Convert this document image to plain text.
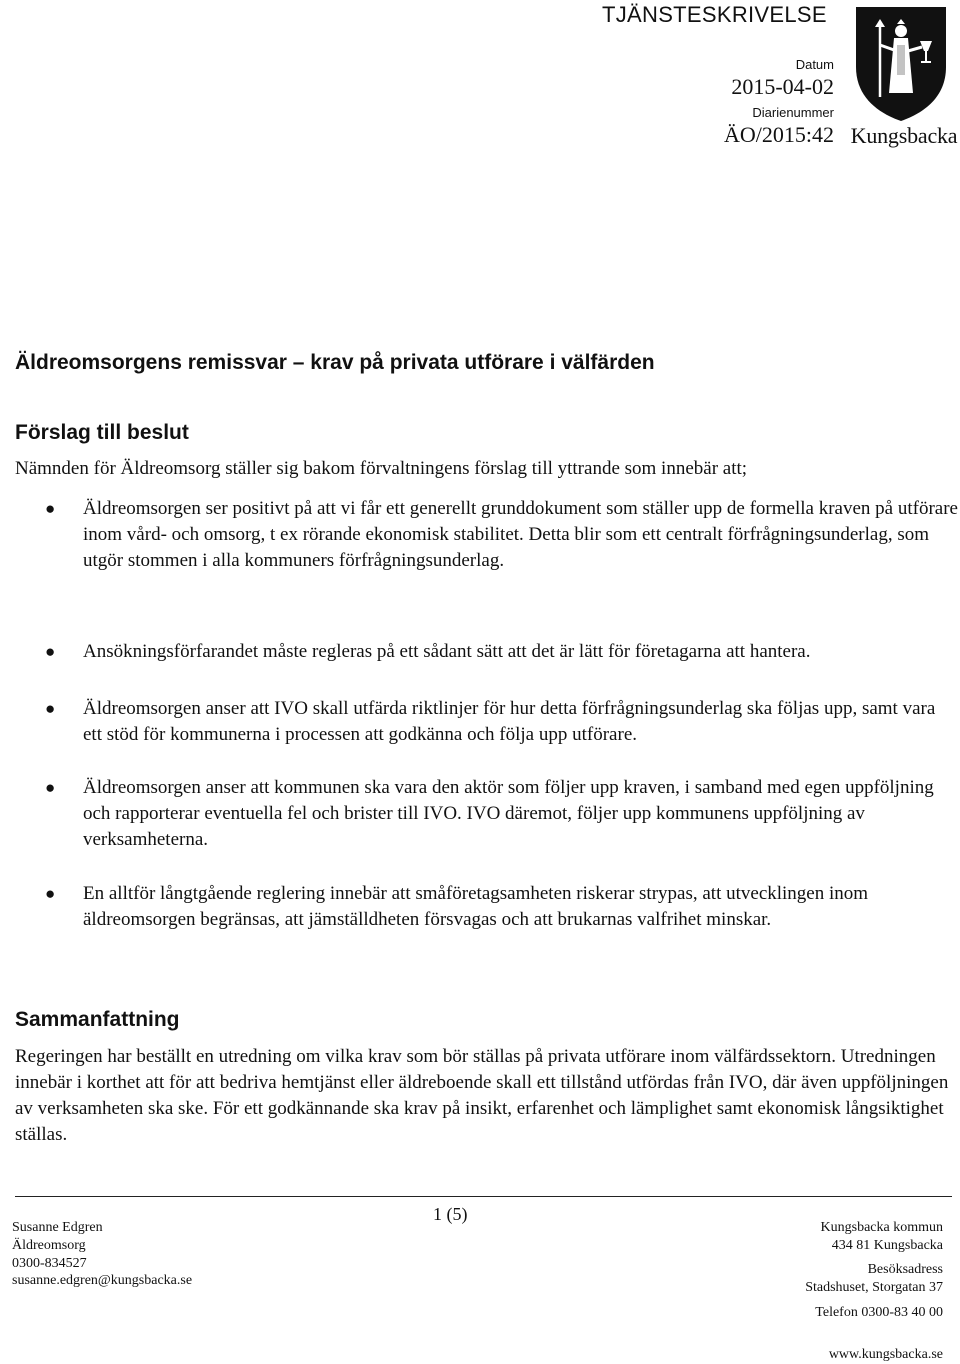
TJÄNSTESKRIVELSE
Datum
2015-04-02
Diarienummer
ÄO/2015:42 Kungsbacka
Äldreomsorgens remissvar – krav på privata utförare i välfärden
Förslag till beslut
Nämnden för Äldreomsorg ställer sig bakom förvaltningens förslag till yttrande som innebär att;
● Äldreomsorgen ser positivt på att vi får ett generellt grunddokument som ställer upp de formella kraven på utförare inom vård- och omsorg, t ex rörande ekonomisk stabilitet. Detta blir som ett centralt förfrågningsunderlag, som utgör stommen i alla kommuners förfrågningsunderlag.
● Ansökningsförfarandet måste regleras på ett sådant sätt att det är lätt för företagarna att hantera.
● Äldreomsorgen anser att IVO skall utfärda riktlinjer för hur detta förfrågningsunderlag ska följas upp, samt vara ett stöd för kommunerna i processen att godkänna och följa upp utförare.
● Äldreomsorgen anser att kommunen ska vara den aktör som följer upp kraven, i samband med egen uppföljning och rapporterar eventuella fel och brister till IVO. IVO däremot, följer upp kommunens uppföljning av verksamheterna.
● En alltför långtgående reglering innebär att småföretagsamheten riskerar strypas, att utvecklingen inom äldreomsorgen begränsas, att jämställdheten försvagas och att brukarnas valfrihet minskar.
Sammanfattning
Regeringen har beställt en utredning om vilka krav som bör ställas på privata utförare inom välfärdssektorn. Utredningen innebär i korthet att för att bedriva hemtjänst eller äldreboende skall ett tillstånd utfördas från IVO, där även uppföljningen av verksamheten ska ske. För ett godkännande ska krav på insikt, erfarenhet och lämplighet samt ekonomisk långsiktighet ställas.
1 (5)
Susanne Edgren
Äldreomsorg
0300-834527
susanne.edgren@kungsbacka.se
Kungsbacka kommun
434 81 Kungsbacka
Besöksadress
Stadshuset, Storgatan 37
Telefon 0300-83 40 00
www.kungsbacka.se
